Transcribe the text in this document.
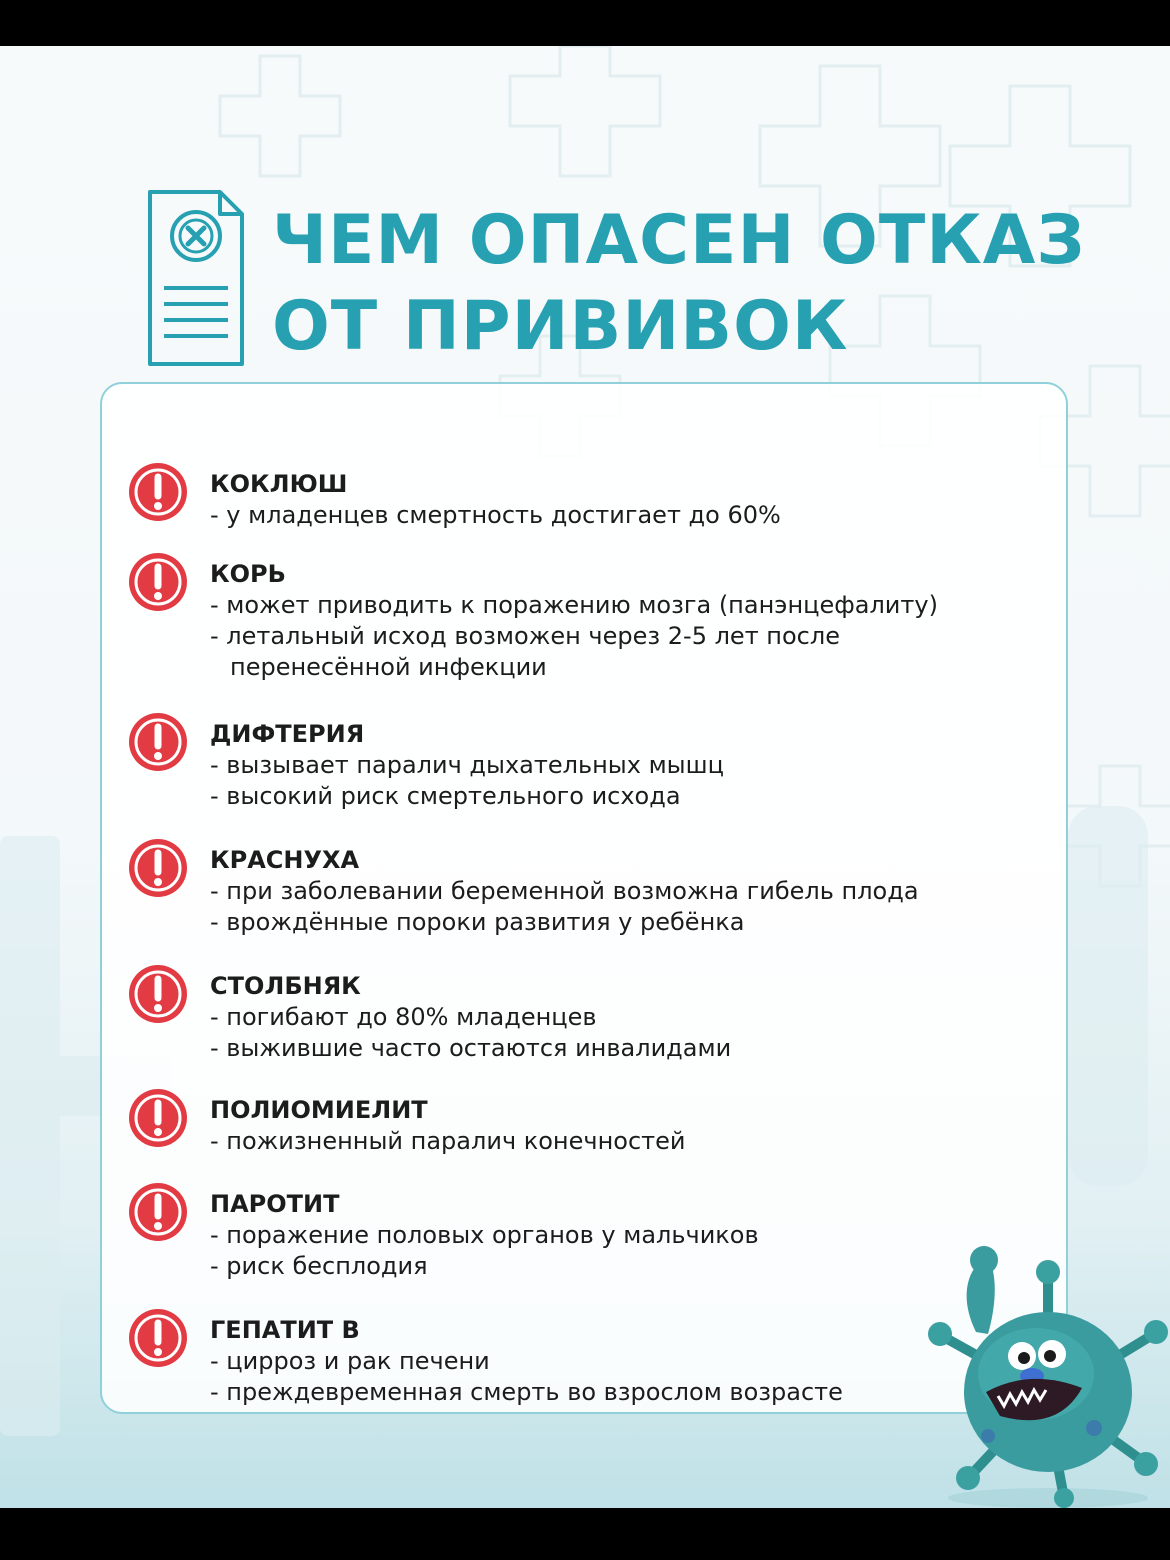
ЧЕМ ОПАСЕН ОТКАЗ
ОТ ПРИВИВОК

КОКЛЮШ

- у младенцев смертность достигает до 60%

КОРЬ

- может приводить к поражению мозга (панэнцефалиту)
- летальный исход возможен через 2-5 лет после
перенесённой инфекции

ДИФТЕРИЯ

- вызывает паралич дыхательных мышц
- высокий риск смертельного исхода

КРАСНУХА

- при заболевании беременной возможна гибель плода
- врождённые пороки развития у ребёнка

СТОЛБНЯК

- погибают до 80% младенцев
- выжившие часто остаются инвалидами

ПОЛИОМИЕЛИТ

- пожизненный паралич конечностей

ПАРОТИТ

- поражение половых органов у мальчиков
- риск бесплодия

ГЕПАТИТ В

- цирроз и рак печени
- преждевременная смерть во взрослом возрасте
